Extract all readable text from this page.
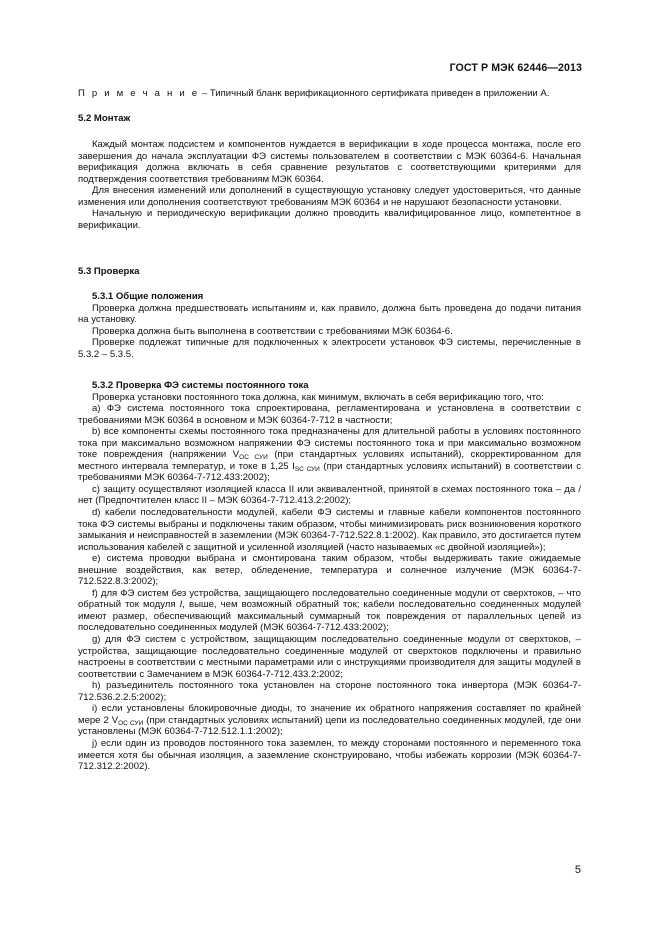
ГОСТ Р МЭК 62446—2013

П р и м е ч а н и е – Типичный бланк верификационного сертификата приведен в приложении А.

5.2 Монтаж

Каждый монтаж подсистем и компонентов нуждается в верификации в ходе процесса монтажа, после его завершения до начала эксплуатации ФЭ системы пользователем в соответствии с МЭК 60364-6. Начальная верификация должна включать в себя сравнение результатов с соответствующими критериями для подтверждения соответствия требованиям МЭК 60364.

Для внесения изменений или дополнений в существующую установку следует удостовериться, что данные изменения или дополнения соответствуют требованиям МЭК 60364 и не нарушают безопасности установки.

Начальную и периодическую верификации должно проводить квалифицированное лицо, компетентное в верификации.

5.3 Проверка

5.3.1 Общие положения

Проверка должна предшествовать испытаниям и, как правило, должна быть проведена до подачи питания на установку.

Проверка должна быть выполнена в соответствии с требованиями МЭК 60364-6.

Проверке подлежат типичные для подключенных к электросети установок ФЭ системы, перечисленные в 5.3.2 – 5.3.5.

5.3.2 Проверка ФЭ системы постоянного тока

Проверка установки постоянного тока должна, как минимум, включать в себя верификацию того, что:

a) ФЭ система постоянного тока спроектирована, регламентирована и установлена в соответствии с требованиями МЭК 60364 в основном и МЭК 60364-7-712 в частности;

b) все компоненты схемы постоянного тока предназначены для длительной работы в условиях постоянного тока при максимально возможном напряжении ФЭ системы постоянного тока и при максимально возможном токе повреждения (напряжении $V_{OC СУИ}$ (при стандартных условиях испытаний), скорректированном для местного интервала температур, и токе в 1,25 $I_{SC СУИ}$ (при стандартных условиях испытаний) в соответствии с требованиями МЭК 60364-7-712.433:2002);

c) защиту осуществляют изоляцией класса II или эквивалентной, принятой в схемах постоянного тока – да / нет (Предпочтителен класс II – МЭК 60364-7-712.413.2:2002);

d) кабели последовательности модулей, кабели ФЭ системы и главные кабели компонентов постоянного тока ФЭ системы выбраны и подключены таким образом, чтобы минимизировать риск возникновения короткого замыкания и неисправностей в заземлении (МЭК 60364-7-712.522.8.1:2002). Как правило, это достигается путем использования кабелей с защитной и усиленной изоляцией (часто называемых «с двойной изоляцией»);

e) система проводки выбрана и смонтирована таким образом, чтобы выдерживать такие ожидаемые внешние воздействия, как ветер, обледенение, температура и солнечное излучение (МЭК 60364-7-712.522.8.3:2002);

f) для ФЭ систем без устройства, защищающего последовательно соединенные модули от сверхтоков, – что обратный ток модуля I, выше, чем возможный обратный ток; кабели последовательно соединенных модулей имеют размер, обеспечивающий максимальный суммарный ток повреждения от параллельных цепей из последовательно соединенных модулей (МЭК 60364-7-712.433:2002);

g) для ФЭ систем с устройством, защищающим последовательно соединенные модули от сверхтоков, – устройства, защищающие последовательно соединенные модулей от сверхтоков подключены и правильно настроены в соответствии с местными параметрами или с инструкциями производителя для защиты модулей в соответствии с Замечанием в МЭК 60364-7-712.433.2:2002;

h) разъединитель постоянного тока установлен на стороне постоянного тока инвертора (МЭК 60364-7-712.536.2.2.5:2002);

i) если установлены блокировочные диоды, то значение их обратного напряжения составляет по крайней мере 2 $V_{OC СУИ}$ (при стандартных условиях испытаний) цепи из последовательно соединенных модулей, где они установлены (МЭК 60364-7-712.512.1.1:2002);

j) если один из проводов постоянного тока заземлен, то между сторонами постоянного и переменного тока имеется хотя бы обычная изоляция, а заземление сконструировано, чтобы избежать коррозии (МЭК 60364-7-712.312.2:2002).

5
